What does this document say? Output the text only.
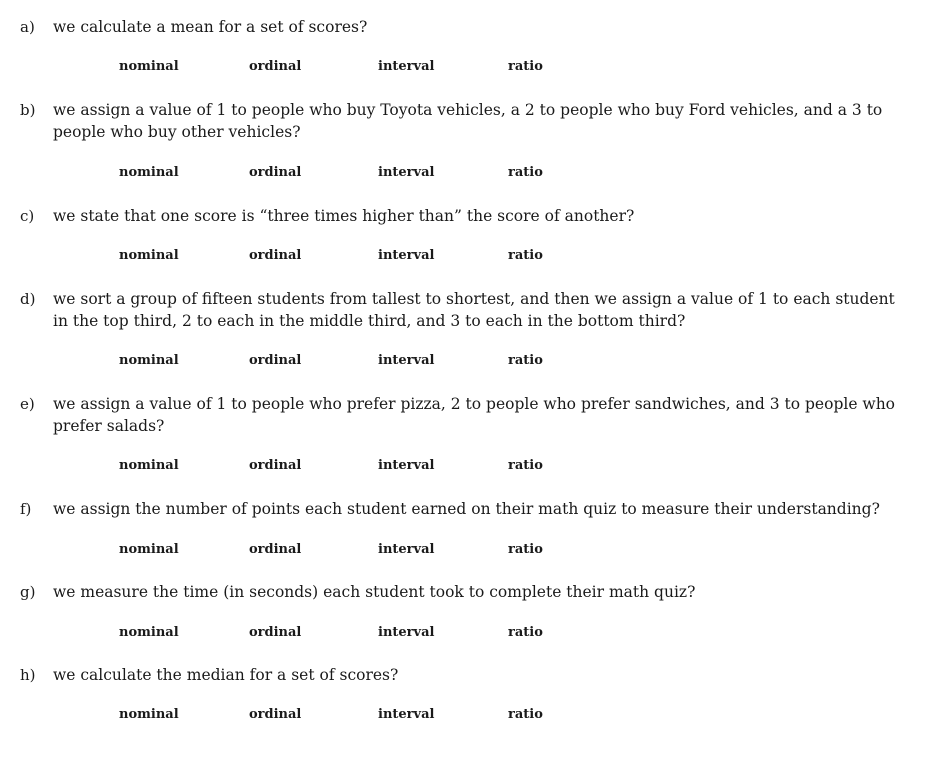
a) we calculate a mean for a set of scores?
nominal	ordinal	interval	ratio
b) we assign a value of 1 to people who buy Toyota vehicles, a 2 to people who buy Ford vehicles, and a 3 to people who buy other vehicles?
nominal	ordinal	interval	ratio
c) we state that one score is “three times higher than” the score of another?
nominal	ordinal	interval	ratio
d) we sort a group of fifteen students from tallest to shortest, and then we assign a value of 1 to each student in the top third, 2 to each in the middle third, and 3 to each in the bottom third?
nominal	ordinal	interval	ratio
e) we assign a value of 1 to people who prefer pizza, 2 to people who prefer sandwiches, and 3 to people who prefer salads?
nominal	ordinal	interval	ratio
f) we assign the number of points each student earned on their math quiz to measure their understanding?
nominal	ordinal	interval	ratio
g) we measure the time (in seconds) each student took to complete their math quiz?
nominal	ordinal	interval	ratio
h) we calculate the median for a set of scores?
nominal	ordinal	interval	ratio
